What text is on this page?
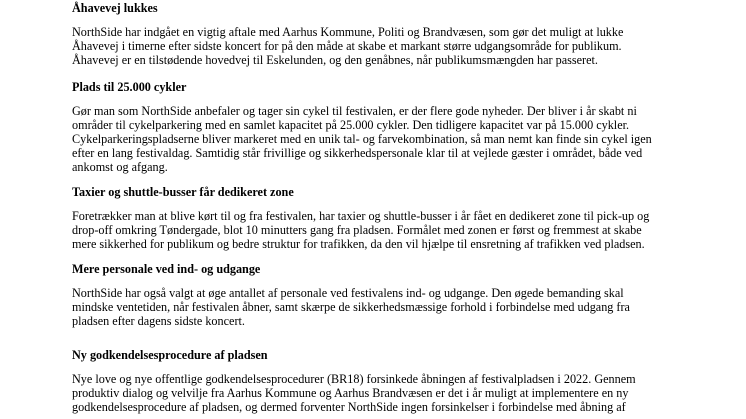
Åhavevej lukkes

NorthSide har indgået en vigtig aftale med Aarhus Kommune, Politi og Brandvæsen, som gør det muligt at lukke
Åhavevej i timerne efter sidste koncert for på den måde at skabe et markant større udgangsområde for publikum.
Åhavevej er en tilstødende hovedvej til Eskelunden, og den genåbnes, når publikumsmængden har passeret.

Plads til 25.000 cykler

Gør man som NorthSide anbefaler og tager sin cykel til festivalen, er der flere gode nyheder. Der bliver i år skabt ni
områder til cykelparkering med en samlet kapacitet på 25.000 cykler. Den tidligere kapacitet var på 15.000 cykler.
Cykelparkeringspladserne bliver markeret med en unik tal- og farvekombination, så man nemt kan finde sin cykel igen
efter en lang festivaldag. Samtidig står frivillige og sikkerhedspersonale klar til at vejlede gæster i området, både ved
ankomst og afgang.

Taxier og shuttle-busser får dedikeret zone

Foretrækker man at blive kørt til og fra festivalen, har taxier og shuttle-busser i år fået en dedikeret zone til pick-up og
drop-off omkring Tøndergade, blot 10 minutters gang fra pladsen. Formålet med zonen er først og fremmest at skabe
mere sikkerhed for publikum og bedre struktur for trafikken, da den vil hjælpe til ensretning af trafikken ved pladsen.

Mere personale ved ind- og udgange

NorthSide har også valgt at øge antallet af personale ved festivalens ind- og udgange. Den øgede bemanding skal
mindske ventetiden, når festivalen åbner, samt skærpe de sikkerhedsmæssige forhold i forbindelse med udgang fra
pladsen efter dagens sidste koncert.

Ny godkendelsesprocedure af pladsen

Nye love og nye offentlige godkendelsesprocedurer (BR18) forsinkede åbningen af festivalpladsen i 2022. Gennem
produktiv dialog og velvilje fra Aarhus Kommune og Aarhus Brandvæsen er det i år muligt at implementere en ny
godkendelsesprocedure af pladsen, og dermed forventer NorthSide ingen forsinkelser i forbindelse med åbning af
